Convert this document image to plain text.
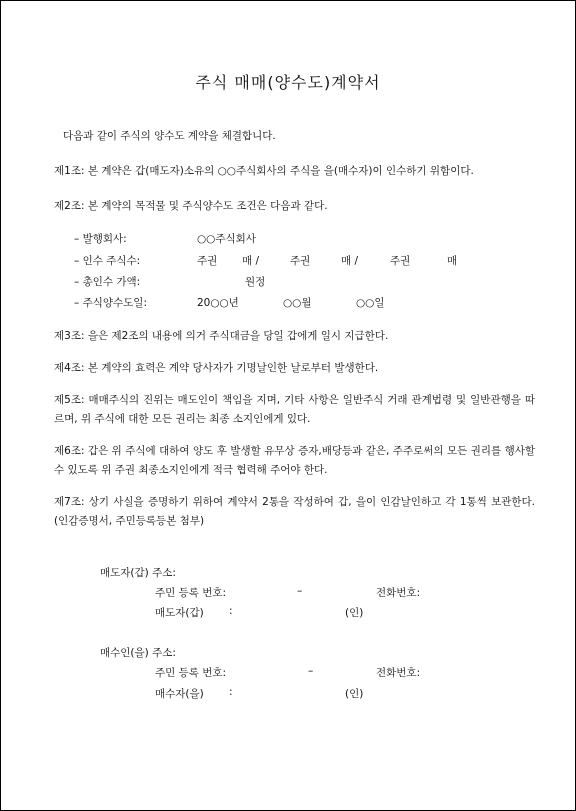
주식 매매(양수도)계약서
다음과 같이 주식의 양수도 계약을 체결합니다.
제1조: 본 계약은 갑(매도자)소유의 ○○주식회사의 주식을 을(매수자)이 인수하기 위함이다.
제2조: 본 계약의 목적물 및 주식양수도 조건은 다음과 같다.
– 발행회사:	○○주식회사
– 인수 주식수:	주권 매 /	주권	매 /	주권	매
– 총인수 가액:	원정
– 주식양수도일:	20○○년	○○월	○○일
제3조: 을은 제2조의 내용에 의거 주식대금을 당일 갑에게 일시 지급한다.
제4조: 본 계약의 효력은 계약 당사자가 기명날인한 날로부터 발생한다.
제5조: 매매주식의 진위는 매도인이 책임을 지며, 기타 사항은 일반주식 거래 관계법령 및 일반관행을 따르며, 위 주식에 대한 모든 권리는 최종 소지인에게 있다.
제6조: 갑은 위 주식에 대하여 양도 후 발생할 유무상 증자,배당등과 같은, 주주로써의 모든 권리를 행사할 수 있도록 위 주권 최종소지인에게 적극 협력해 주어야 한다.
제7조: 상기 사실을 증명하기 위하여 계약서 2통을 작성하여 갑, 을이 인감날인하고 각 1통씩 보관한다. (인감증명서, 주민등록등본 첨부)
매도자(갑) 주소:
주민 등록 번호:	–	전화번호:
매도자(갑) :	(인)
매수인(을) 주소:
주민 등록 번호:	–	전화번호:
매수자(을) :	(인)
